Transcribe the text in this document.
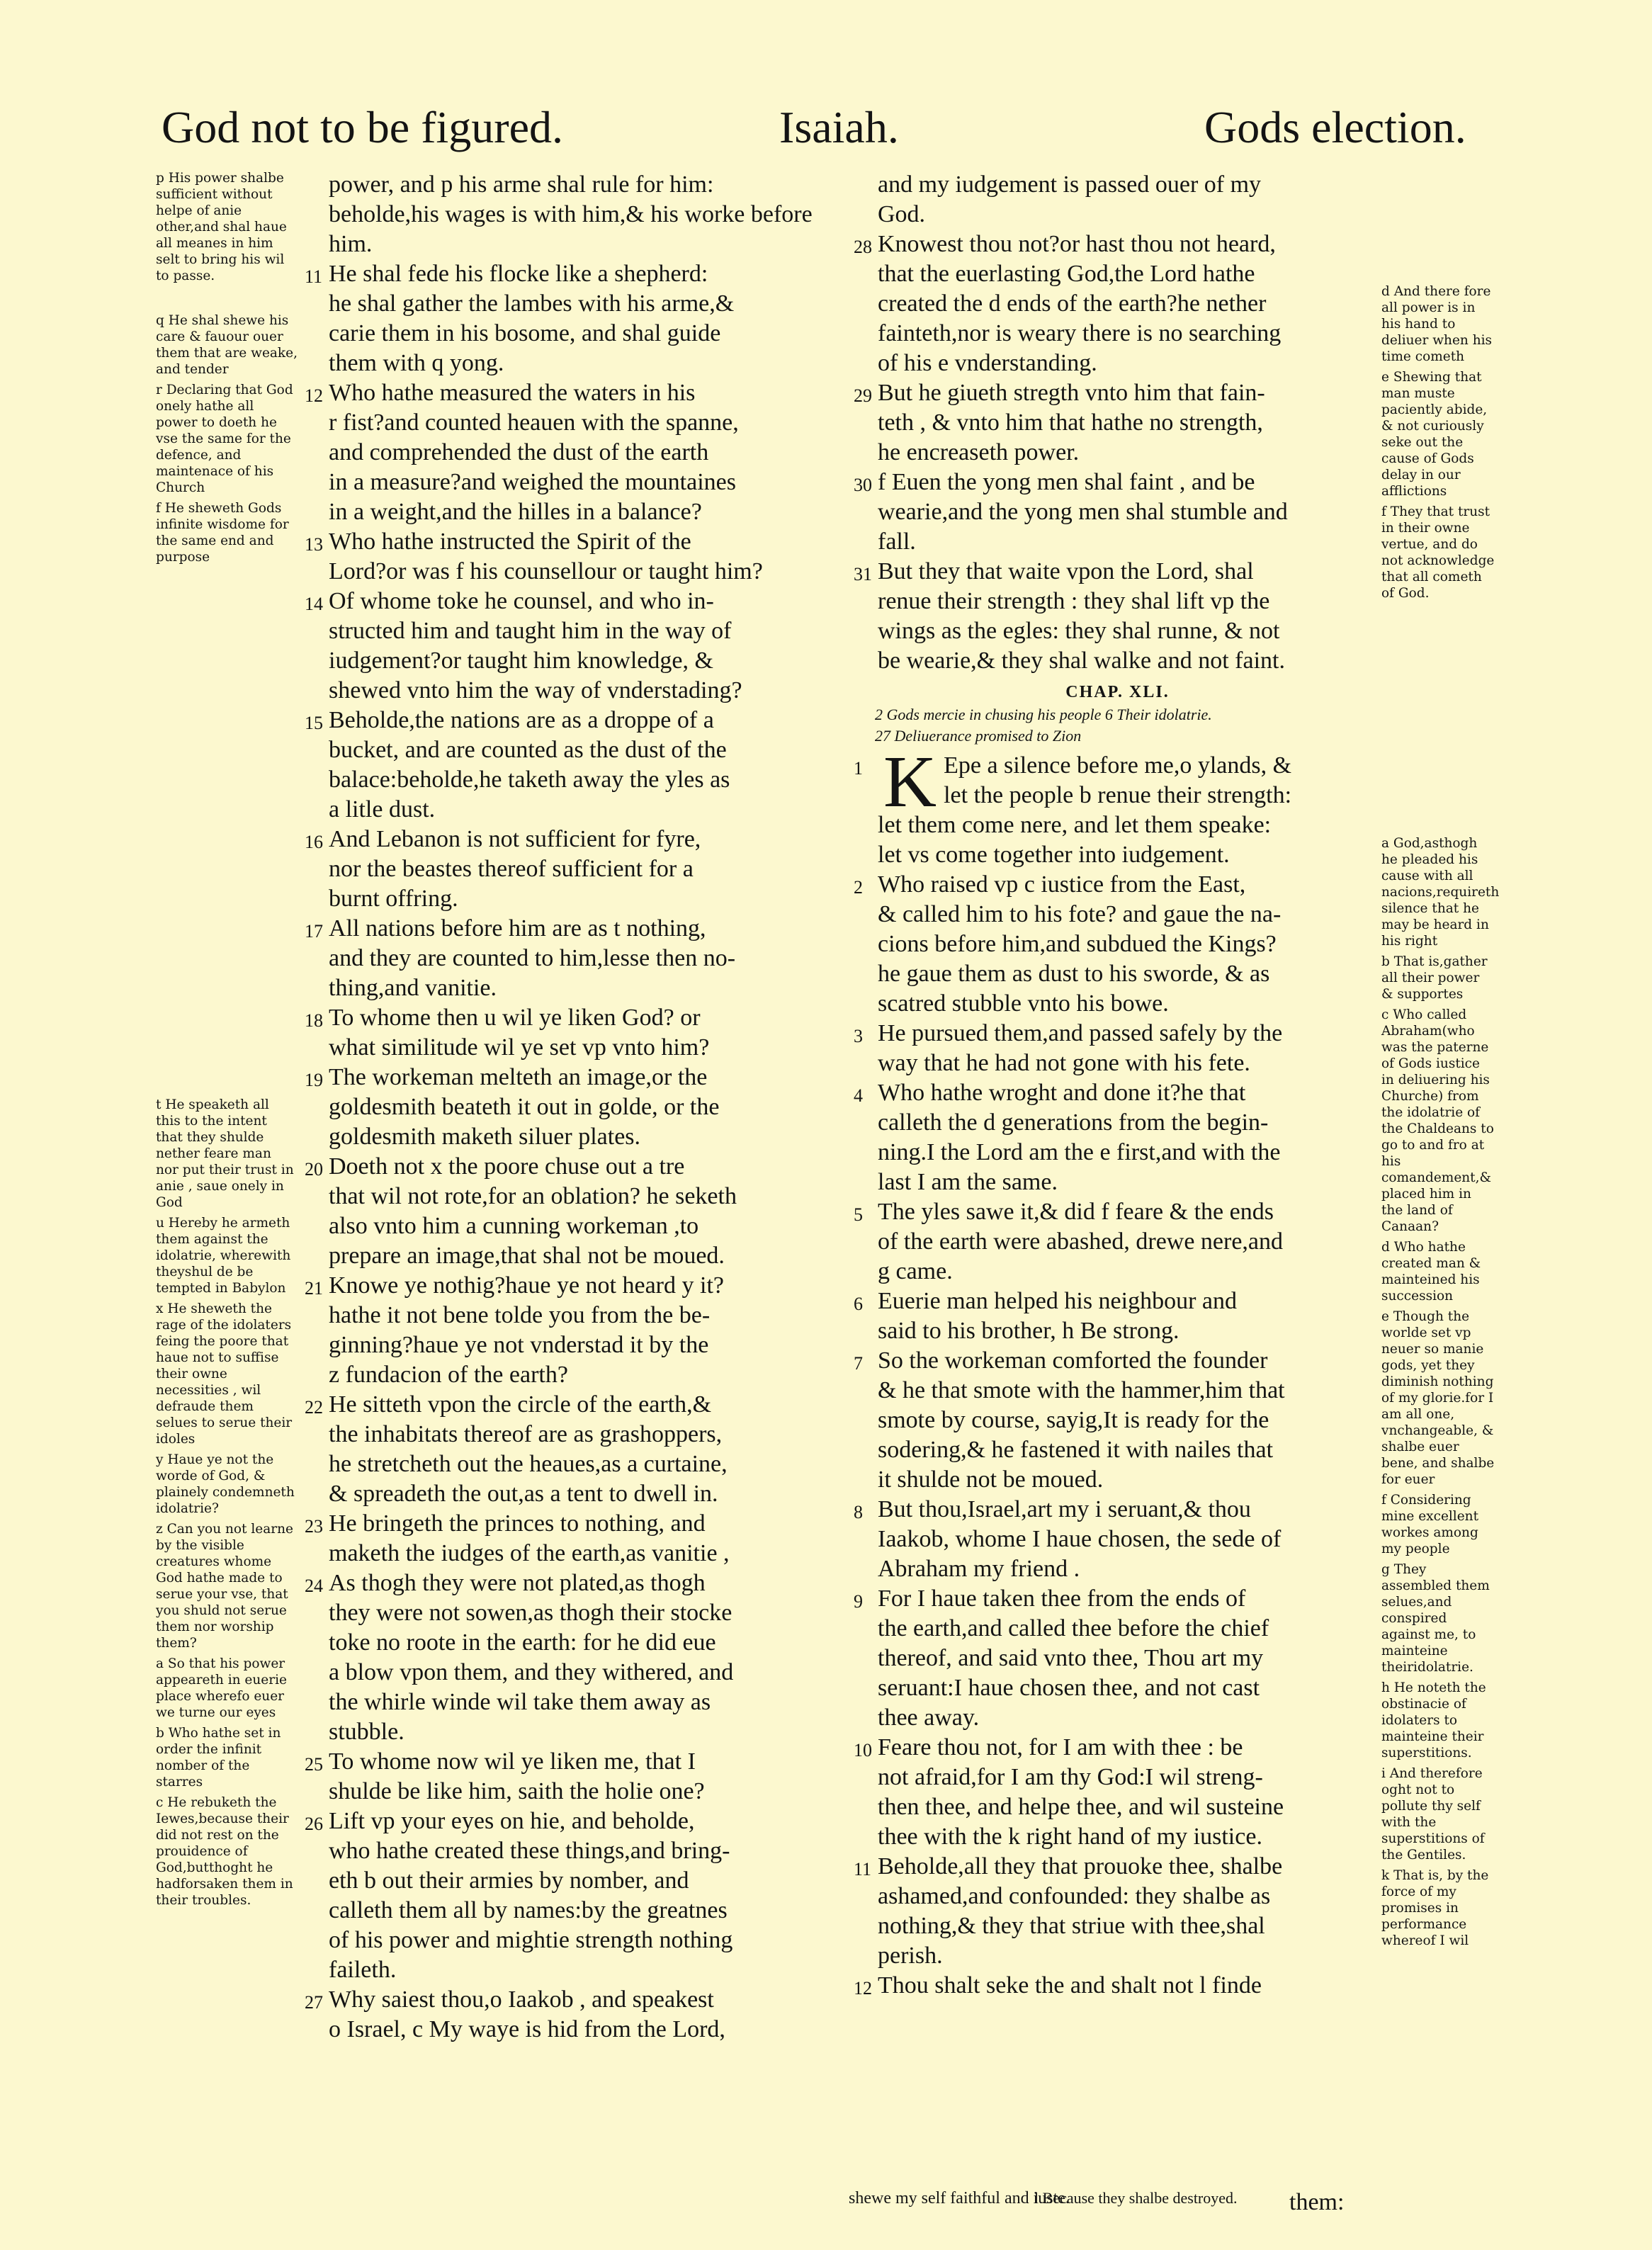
God not to be figured.	Isaiah.	Gods election.
p His power shalbe sufficient without helpe of anie other,and shal haue all meanes in him selt to bring his wil to passe.
q He shal shewe his care & fauour ouer them that are weake, and tender
r Declaring that God onely hathe all power to doeth he vse the same for the defence, and maintenace of his Church
f He sheweth Gods infinite wisdome for the same end and purpose
t He speaketh all this to the intent that they shulde nether feare man nor put their trust in anie , saue onely in God
u Hereby he armeth them against the idolatrie, wherewith theyshul de be tempted in Babylon
x He sheweth the rage of the idolaters feing the poore that haue not to suffise their owne necessities , wil defraude them selues to serue their idoles
y Haue ye not the worde of God, & plainely condemneth idolatrie?
z Can you not learne by the visible creatures whome God hathe made to serue your vse, that you shuld not serue them nor worship them?
a So that his power appeareth in euerie place wherefo euer we turne our eyes
b Who hathe set in order the infinit nomber of the starres
c He rebuketh the Iewes,because their did not rest on the prouidence of God,butthoght he hadforsaken them in their troubles.
power, and p his arme shal rule for him:
beholde,his wages is with him,& his worke before him.
11 He shal fede his flocke like a shepherd:
he shal gather the lambes with his arme,&
carie them in his bosome, and shal guide
them with q yong.
12 Who hathe measured the waters in his
r fist?and counted heauen with the spanne,
and comprehended the dust of the earth
in a measure?and weighed the mountaines
in a weight,and the hilles in a balance?
13 Who hathe instructed the Spirit of the
Lord?or was f his counsellour or taught him?
14 Of whome toke he counsel, and who in-
structed him and taught him in the way of
iudgement?or taught him knowledge, &
shewed vnto him the way of vnderstading?
15 Beholde,the nations are as a droppe of a
bucket, and are counted as the dust of the
balace:beholde,he taketh away the yles as
a litle dust.
16 And Lebanon is not sufficient for fyre,
nor the beastes thereof sufficient for a
burnt offring.
17 All nations before him are as t nothing,
and they are counted to him,lesse then no-
thing,and vanitie.
18 To whome then u wil ye liken God? or
what similitude wil ye set vp vnto him?
19 The workeman melteth an image,or the
goldesmith beateth it out in golde, or the
goldesmith maketh siluer plates.
20 Doeth not x the poore chuse out a tre
that wil not rote,for an oblation? he seketh
also vnto him a cunning workeman ,to
prepare an image,that shal not be moued.
21 Knowe ye nothig?haue ye not heard y it?
hathe it not bene tolde you from the be-
ginning?haue ye not vnderstad it by the
z fundacion of the earth?
22 He sitteth vpon the circle of the earth,&
the inhabitats thereof are as grashoppers,
he stretcheth out the heaues,as a curtaine,
& spreadeth the out,as a tent to dwell in.
23 He bringeth the princes to nothing, and
maketh the iudges of the earth,as vanitie ,
24 As thogh they were not plated,as thogh
they were not sowen,as thogh their stocke
toke no roote in the earth: for he did eue
a blow vpon them, and they withered, and
the whirle winde wil take them away as
stubble.
25 To whome now wil ye liken me, that I
shulde be like him, saith the holie one?
26 Lift vp your eyes on hie, and beholde,
who hathe created these things,and bring-
eth b out their armies by nomber, and
calleth them all by names:by the greatnes
of his power and mightie strength nothing
faileth.
27 Why saiest thou,o Iaakob , and speakest
o Israel, c My waye is hid from the Lord,
and my iudgement is passed ouer of my
God.
28 Knowest thou not?or hast thou not heard,
that the euerlasting God,the Lord hathe
created the d ends of the earth?he nether
fainteth,nor is weary there is no searching
of his e vnderstanding.
29 But he giueth stregth vnto him that fain-
teth , & vnto him that hathe no strength,
he encreaseth power.
30 f Euen the yong men shal faint , and be
wearie,and the yong men shal stumble and
fall.
31 But they that waite vpon the Lord, shal
renue their strength : they shal lift vp the
wings as the egles: they shal runne, & not
be wearie,& they shal walke and not faint.
CHAP. XLI.
2 Gods mercie in chusing his people 6 Their idolatrie.
27 Deliuerance promised to Zion
1 K Epe a silence before me,o ylands, &
let the people b renue their strength:
let them come nere, and let them speake:
let vs come together into iudgement.
2 Who raised vp c iustice from the East,
& called him to his fote? and gaue the na-
cions before him,and subdued the Kings?
he gaue them as dust to his sworde, & as
scatred stubble vnto his bowe.
3 He pursued them,and passed safely by the
way that he had not gone with his fete.
4 Who hathe wroght and done it?he that
calleth the d generations from the begin-
ning.I the Lord am the e first,and with the
last I am the same.
5 The yles sawe it,& did f feare & the ends
of the earth were abashed, drewe nere,and
g came.
6 Euerie man helped his neighbour and
said to his brother, h Be strong.
7 So the workeman comforted the founder
& he that smote with the hammer,him that
smote by course, sayig,It is ready for the
sodering,& he fastened it with nailes that
it shulde not be moued.
8 But thou,Israel,art my i seruant,& thou
Iaakob, whome I haue chosen, the sede of
Abraham my friend .
9 For I haue taken thee from the ends of
the earth,and called thee before the chief
thereof, and said vnto thee, Thou art my
seruant:I haue chosen thee, and not cast
thee away.
10 Feare thou not, for I am with thee : be
not afraid,for I am thy God:I wil streng-
then thee, and helpe thee, and wil susteine
thee with the k right hand of my iustice.
11 Beholde,all they that prouoke thee, shalbe
ashamed,and confounded: they shalbe as
nothing,& they that striue with thee,shal
perish.
12 Thou shalt seke the and shalt not l finde
d And there fore all power is in his hand to deliuer when his time cometh
e Shewing that man muste paciently abide, & not curiously seke out the cause of Gods delay in our afflictions
f They that trust in their owne vertue, and do not acknowledge that all cometh of God.
a God,asthogh he pleaded his cause with all nacions,requireth silence that he may be heard in his right
b That is,gather all their power & supportes
c Who called Abraham(who was the paterne of Gods iustice in deliuering his Churche) from the idolatrie of the Chaldeans to go to and fro at his comandement,& placed him in the land of Canaan?
d Who hathe created man & mainteined his succession
e Though the worlde set vp neuer so manie gods, yet they diminish nothing of my glorie.for I am all one, vnchangeable, & shalbe euer bene, and shalbe for euer
f Considering mine excellent workes among my people
g They assembled them selues,and conspired against me, to mainteine theiridolatrie.
h He noteth the obstinacie of idolaters to mainteine their superstitions.
i And therefore oght not to pollute thy self with the superstitions of the Gentiles.
k That is, by the force of my promises in performance whereof I wil
shewe my self faithful and iuste.
l Because they shalbe destroyed. them:
